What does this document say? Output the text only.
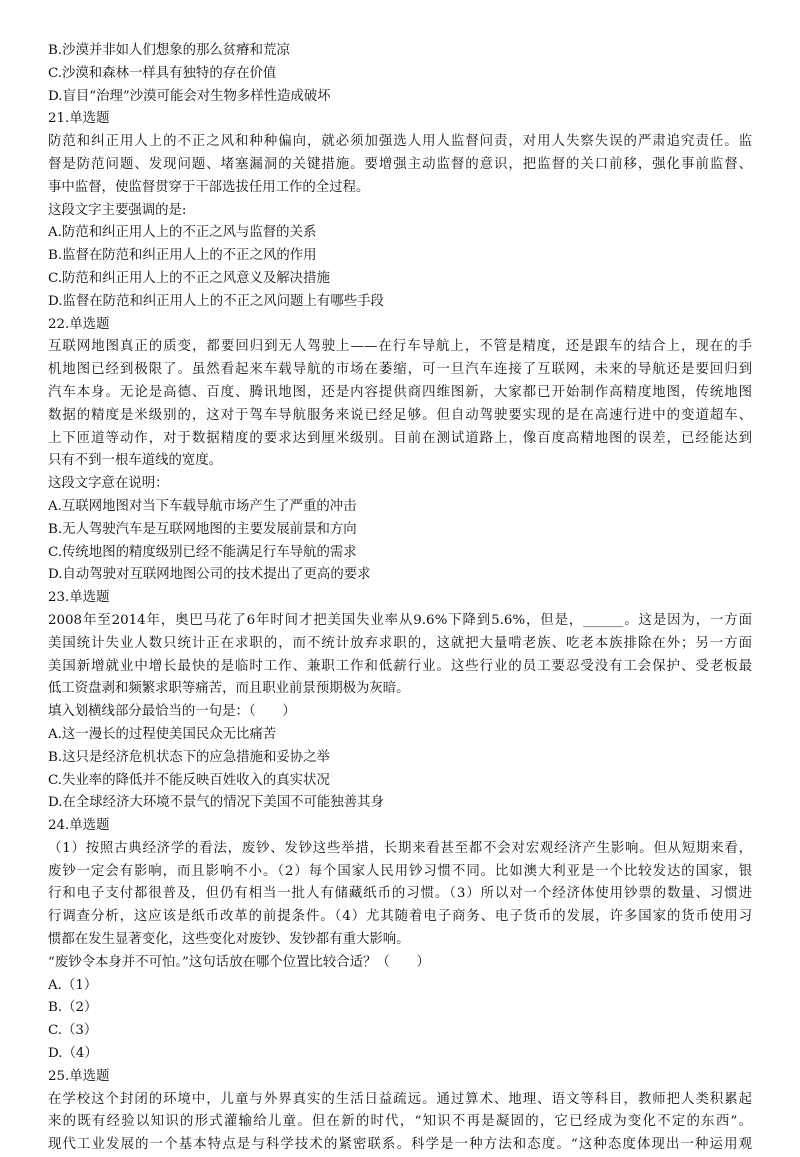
B.沙漠并非如人们想象的那么贫瘠和荒凉
C.沙漠和森林一样具有独特的存在价值
D.盲目“治理”沙漠可能会对生物多样性造成破坏
21.单选题
防范和纠正用人上的不正之风和种种偏向，就必须加强选人用人监督问责，对用人失察失误的严肃追究责任。监
督是防范问题、发现问题、堵塞漏洞的关键措施。要增强主动监督的意识，把监督的关口前移，强化事前监督、
事中监督，使监督贯穿于干部选拔任用工作的全过程。
这段文字主要强调的是:
A.防范和纠正用人上的不正之风与监督的关系
B.监督在防范和纠正用人上的不正之风的作用
C.防范和纠正用人上的不正之风意义及解决措施
D.监督在防范和纠正用人上的不正之风问题上有哪些手段
22.单选题
互联网地图真正的质变，都要回归到无人驾驶上——在行车导航上，不管是精度，还是跟车的结合上，现在的手
机地图已经到极限了。虽然看起来车载导航的市场在萎缩，可一旦汽车连接了互联网，未来的导航还是要回归到
汽车本身。无论是高德、百度、腾讯地图，还是内容提供商四维图新，大家都已开始制作高精度地图，传统地图
数据的精度是米级别的，这对于驾车导航服务来说已经足够。但自动驾驶要实现的是在高速行进中的变道超车、
上下匝道等动作，对于数据精度的要求达到厘米级别。目前在测试道路上，像百度高精地图的误差，已经能达到
只有不到一根车道线的宽度。
这段文字意在说明：
A.互联网地图对当下车载导航市场产生了严重的冲击
B.无人驾驶汽车是互联网地图的主要发展前景和方向
C.传统地图的精度级别已经不能满足行车导航的需求
D.自动驾驶对互联网地图公司的技术提出了更高的要求
23.单选题
2008年至2014年，奥巴马花了6年时间才把美国失业率从9.6%下降到5.6%，但是，______。这是因为，一方面
美国统计失业人数只统计正在求职的，而不统计放弃求职的，这就把大量啃老族、吃老本族排除在外；另一方面
美国新增就业中增长最快的是临时工作、兼职工作和低薪行业。这些行业的员工要忍受没有工会保护、受老板最
低工资盘剥和频繁求职等痛苦，而且职业前景预期极为灰暗。
填入划横线部分最恰当的一句是：（　　）
A.这一漫长的过程使美国民众无比痛苦
B.这只是经济危机状态下的应急措施和妥协之举
C.失业率的降低并不能反映百姓收入的真实状况
D.在全球经济大环境不景气的情况下美国不可能独善其身
24.单选题
（1）按照古典经济学的看法，废钞、发钞这些举措，长期来看甚至都不会对宏观经济产生影响。但从短期来看，
废钞一定会有影响，而且影响不小。（2）每个国家人民用钞习惯不同。比如澳大利亚是一个比较发达的国家，银
行和电子支付都很普及，但仍有相当一批人有储藏纸币的习惯。（3）所以对一个经济体使用钞票的数量、习惯进
行调查分析，这应该是纸币改革的前提条件。（4）尤其随着电子商务、电子货币的发展，许多国家的货币使用习
惯都在发生显著变化，这些变化对废钞、发钞都有重大影响。
“废钞令本身并不可怕。”这句话放在哪个位置比较合适？（　　）
A.（1）
B.（2）
C.（3）
D.（4）
25.单选题
在学校这个封闭的环境中，儿童与外界真实的生活日益疏远。通过算术、地理、语文等科目，教师把人类积累起
来的既有经验以知识的形式灌输给儿童。但在新的时代，“知识不再是凝固的，它已经成为变化不定的东西”。
现代工业发展的一个基本特点是与科学技术的紧密联系。科学是一种方法和态度。“这种态度体现出一种运用观
